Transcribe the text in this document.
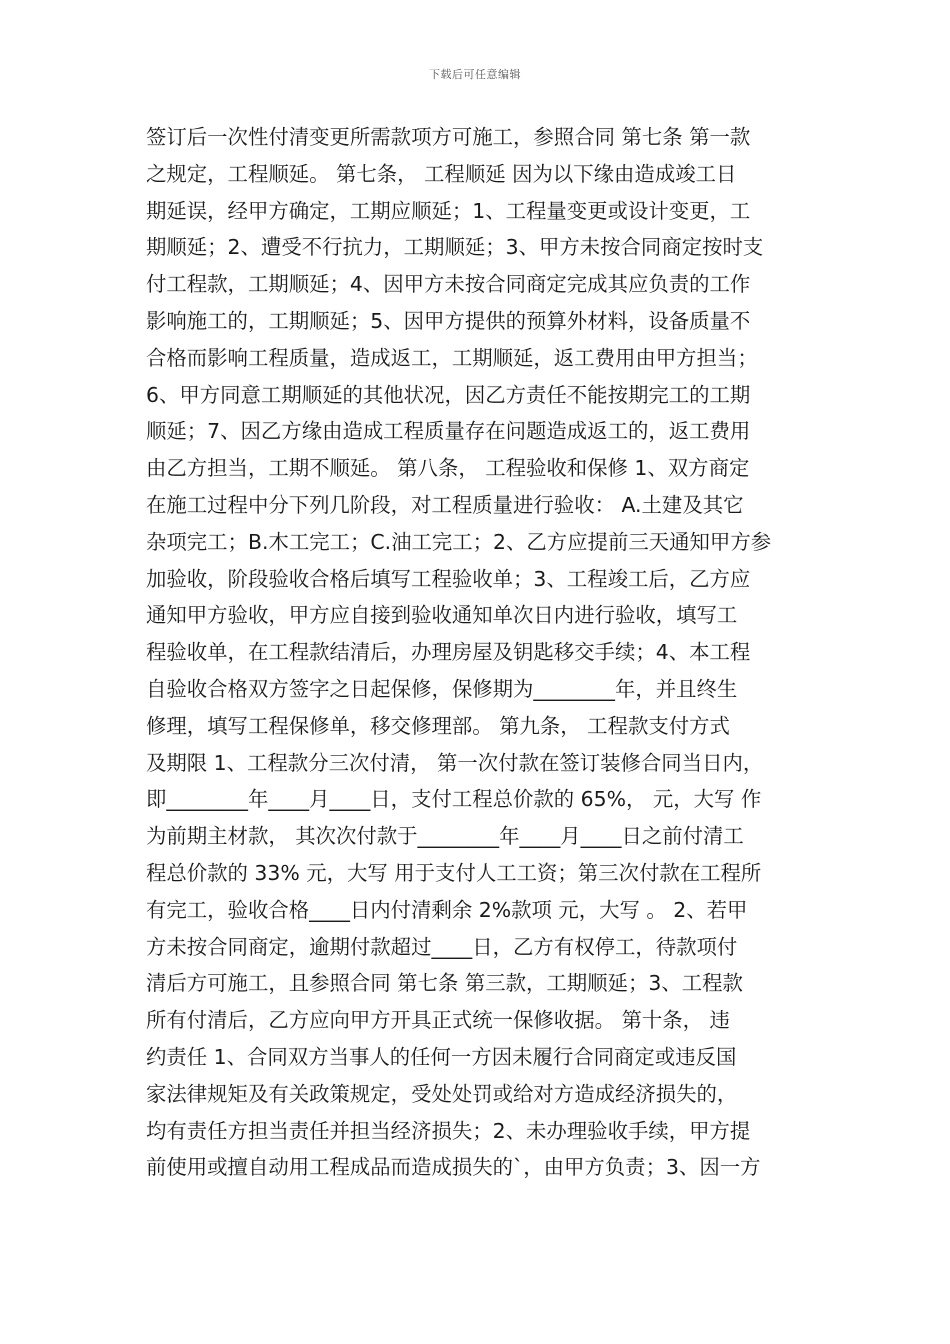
下载后可任意编辑
签订后一次性付清变更所需款项方可施工，参照合同 第七条 第一款
之规定，工程顺延。 第七条， 工程顺延 因为以下缘由造成竣工日
期延误，经甲方确定，工期应顺延；1、工程量变更或设计变更，工
期顺延；2、遭受不行抗力，工期顺延；3、甲方未按合同商定按时支
付工程款，工期顺延；4、因甲方未按合同商定完成其应负责的工作
影响施工的，工期顺延；5、因甲方提供的预算外材料，设备质量不
合格而影响工程质量，造成返工，工期顺延，返工费用由甲方担当；
6、甲方同意工期顺延的其他状况，因乙方责任不能按期完工的工期
顺延；7、因乙方缘由造成工程质量存在问题造成返工的，返工费用
由乙方担当，工期不顺延。 第八条， 工程验收和保修 1、双方商定
在施工过程中分下列几阶段，对工程质量进行验收： A.土建及其它
杂项完工；B.木工完工；C.油工完工；2、乙方应提前三天通知甲方参
加验收，阶段验收合格后填写工程验收单；3、工程竣工后，乙方应
通知甲方验收，甲方应自接到验收通知单次日内进行验收，填写工
程验收单，在工程款结清后，办理房屋及钥匙移交手续；4、本工程
自验收合格双方签字之日起保修，保修期为________年，并且终生
修理，填写工程保修单，移交修理部。 第九条， 工程款支付方式
及期限 1、工程款分三次付清， 第一次付款在签订装修合同当日内，
即________年____月____日，支付工程总价款的 65%， 元，大写 作
为前期主材款， 其次次付款于________年____月____日之前付清工
程总价款的 33% 元，大写 用于支付人工工资；第三次付款在工程所
有完工，验收合格____日内付清剩余 2%款项 元，大写 。 2、若甲
方未按合同商定，逾期付款超过____日，乙方有权停工，待款项付
清后方可施工，且参照合同 第七条 第三款，工期顺延；3、工程款
所有付清后，乙方应向甲方开具正式统一保修收据。 第十条， 违
约责任 1、合同双方当事人的任何一方因未履行合同商定或违反国
家法律规矩及有关政策规定，受处处罚或给对方造成经济损失的，
均有责任方担当责任并担当经济损失；2、未办理验收手续，甲方提
前使用或擅自动用工程成品而造成损失的`，由甲方负责；3、因一方
